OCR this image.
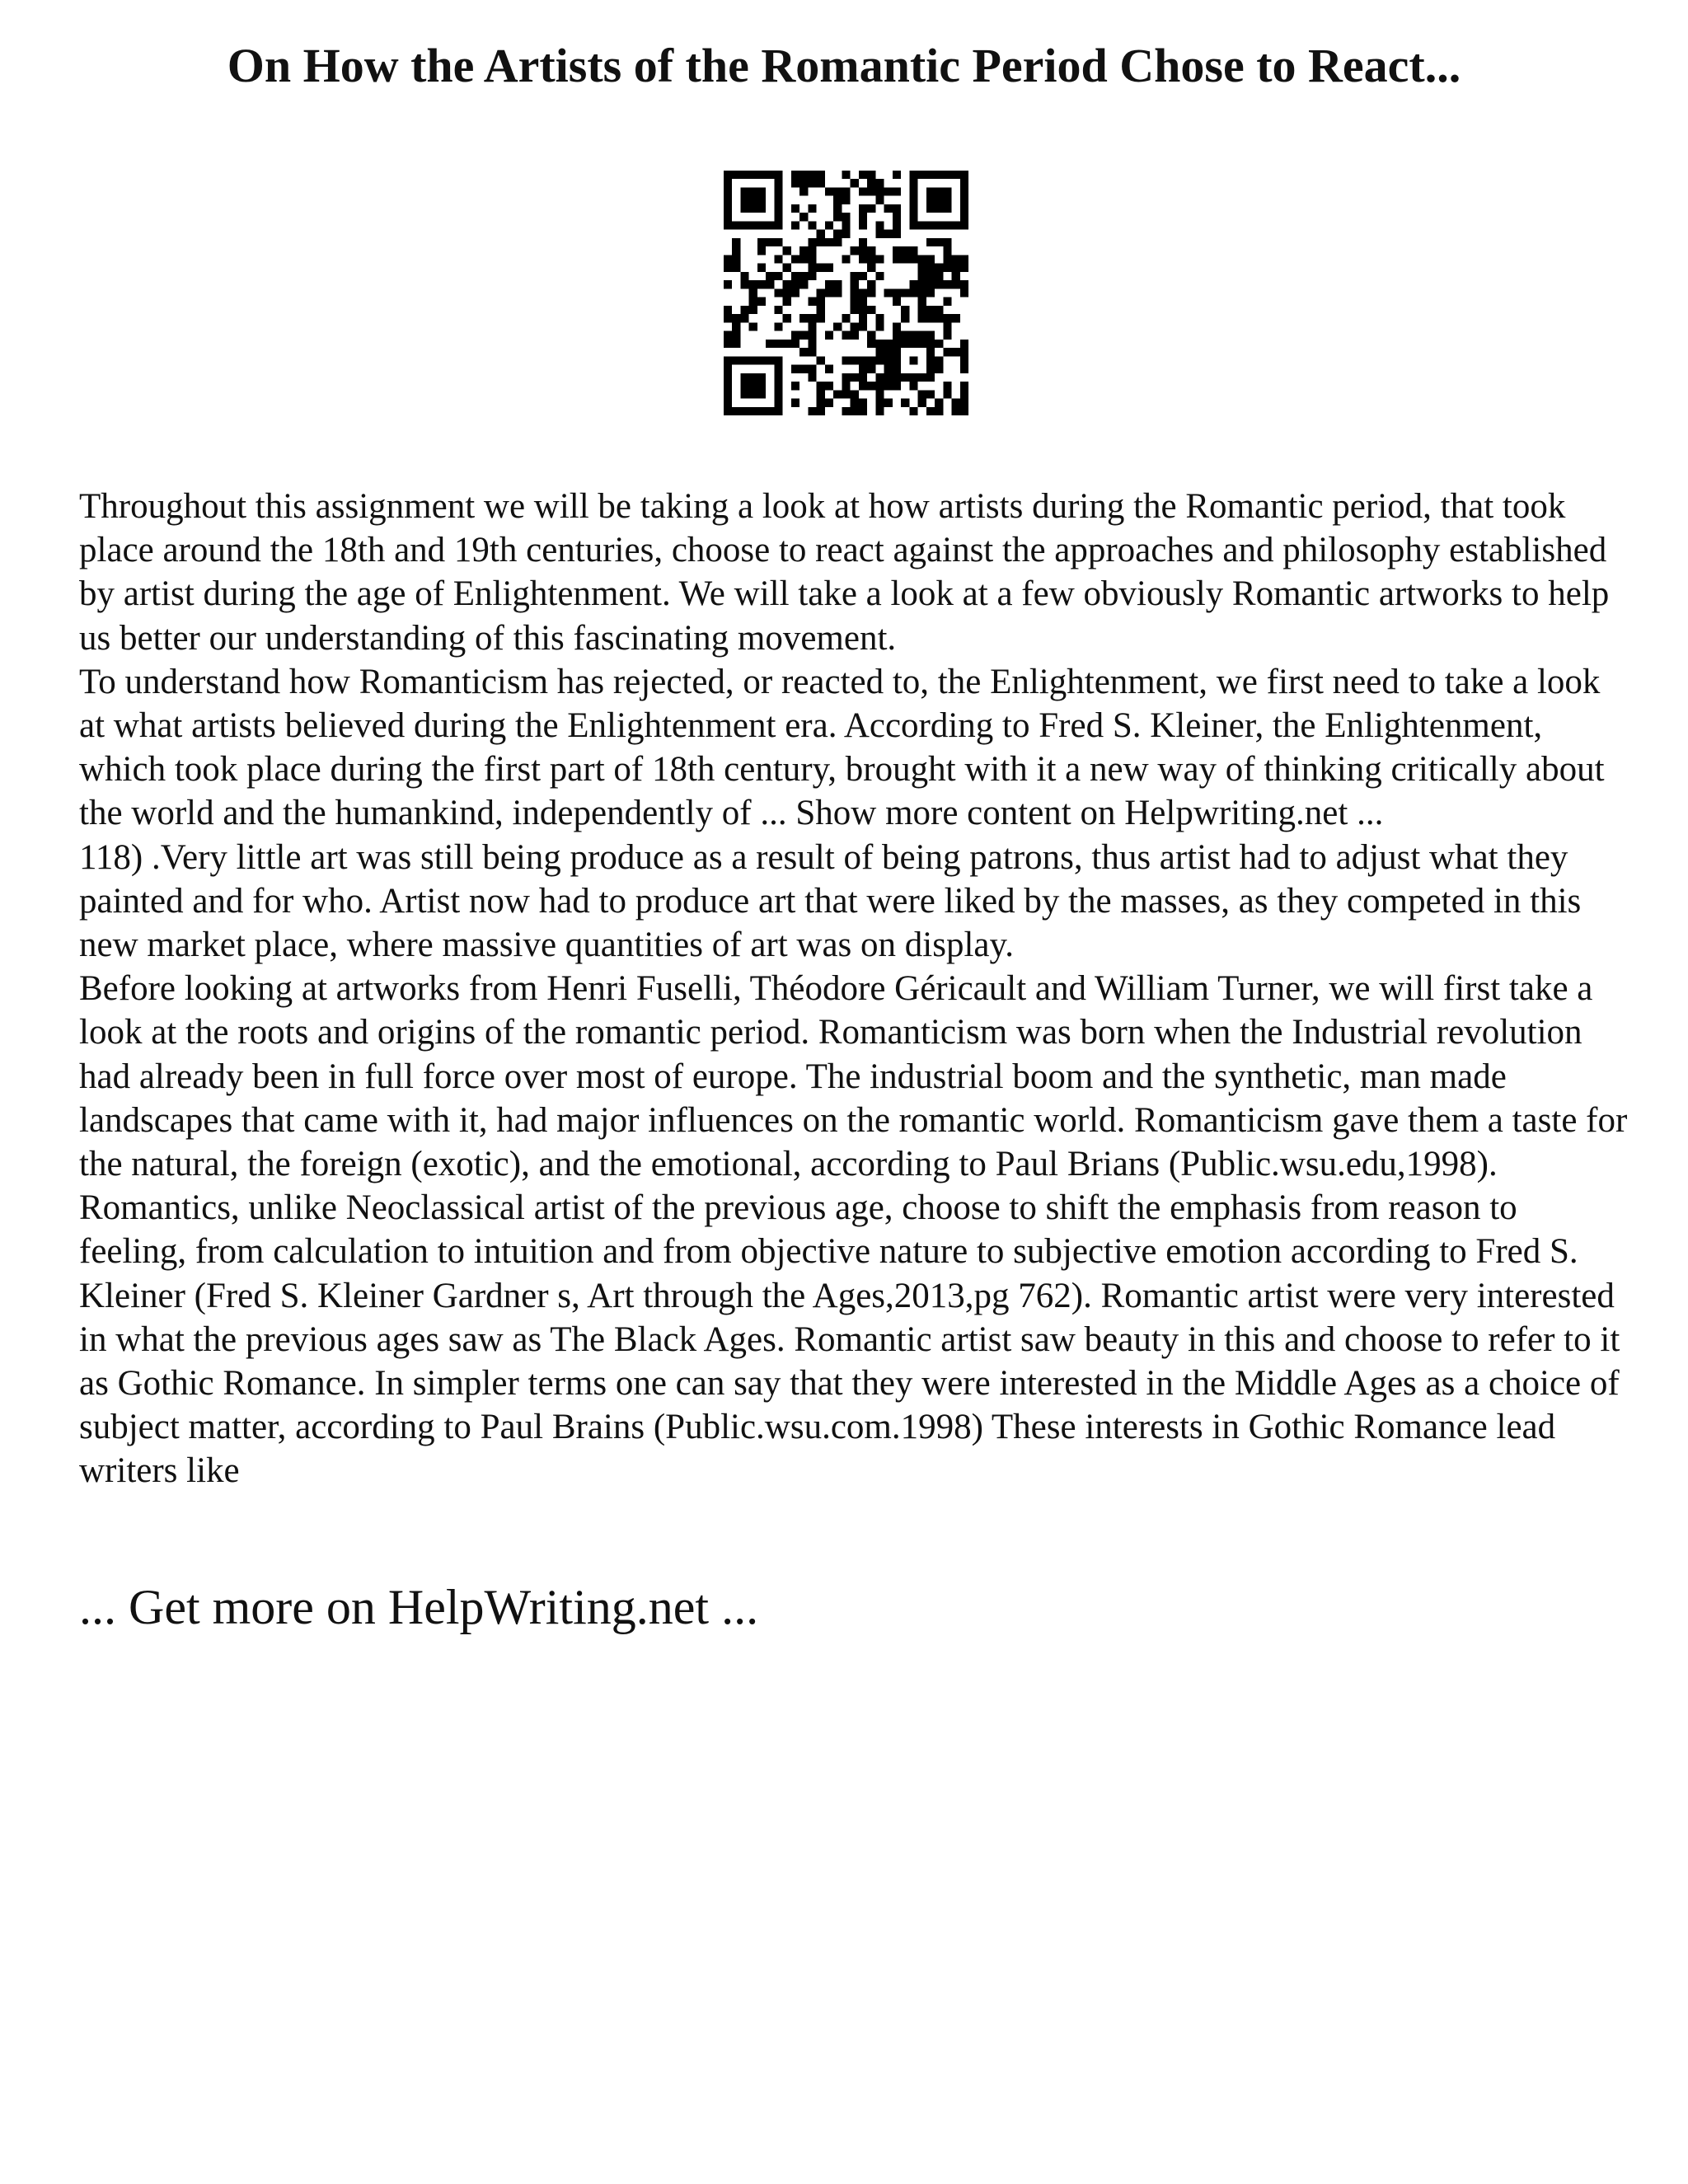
On How the Artists of the Romantic Period Chose to React...

Throughout this assignment we will be taking a look at how artists during the Romantic period, that took place around the 18th and 19th centuries, choose to react against the approaches and philosophy established by artist during the age of Enlightenment. We will take a look at a few obviously Romantic artworks to help us better our understanding of this fascinating movement.

To understand how Romanticism has rejected, or reacted to, the Enlightenment, we first need to take a look at what artists believed during the Enlightenment era. According to Fred S. Kleiner, the Enlightenment, which took place during the first part of 18th century, brought with it a new way of thinking critically about the world and the humankind, independently of ... Show more content on Helpwriting.net ...

118) .Very little art was still being produce as a result of being patrons, thus artist had to adjust what they painted and for who. Artist now had to produce art that were liked by the masses, as they competed in this new market place, where massive quantities of art was on display.

Before looking at artworks from Henri Fuselli, Théodore Géricault and William Turner, we will first take a look at the roots and origins of the romantic period. Romanticism was born when the Industrial revolution had already been in full force over most of europe. The industrial boom and the synthetic, man made landscapes that came with it, had major influences on the romantic world. Romanticism gave them a taste for the natural, the foreign (exotic), and the emotional, according to Paul Brians (Public.wsu.edu,1998). Romantics, unlike Neoclassical artist of the previous age, choose to shift the emphasis from reason to feeling, from calculation to intuition and from objective nature to subjective emotion according to Fred S. Kleiner (Fred S. Kleiner Gardner s, Art through the Ages,2013,pg 762). Romantic artist were very interested in what the previous ages saw as The Black Ages. Romantic artist saw beauty in this and choose to refer to it as Gothic Romance. In simpler terms one can say that they were interested in the Middle Ages as a choice of subject matter, according to Paul Brains (Public.wsu.com.1998) These interests in Gothic Romance lead writers like

... Get more on HelpWriting.net ...
